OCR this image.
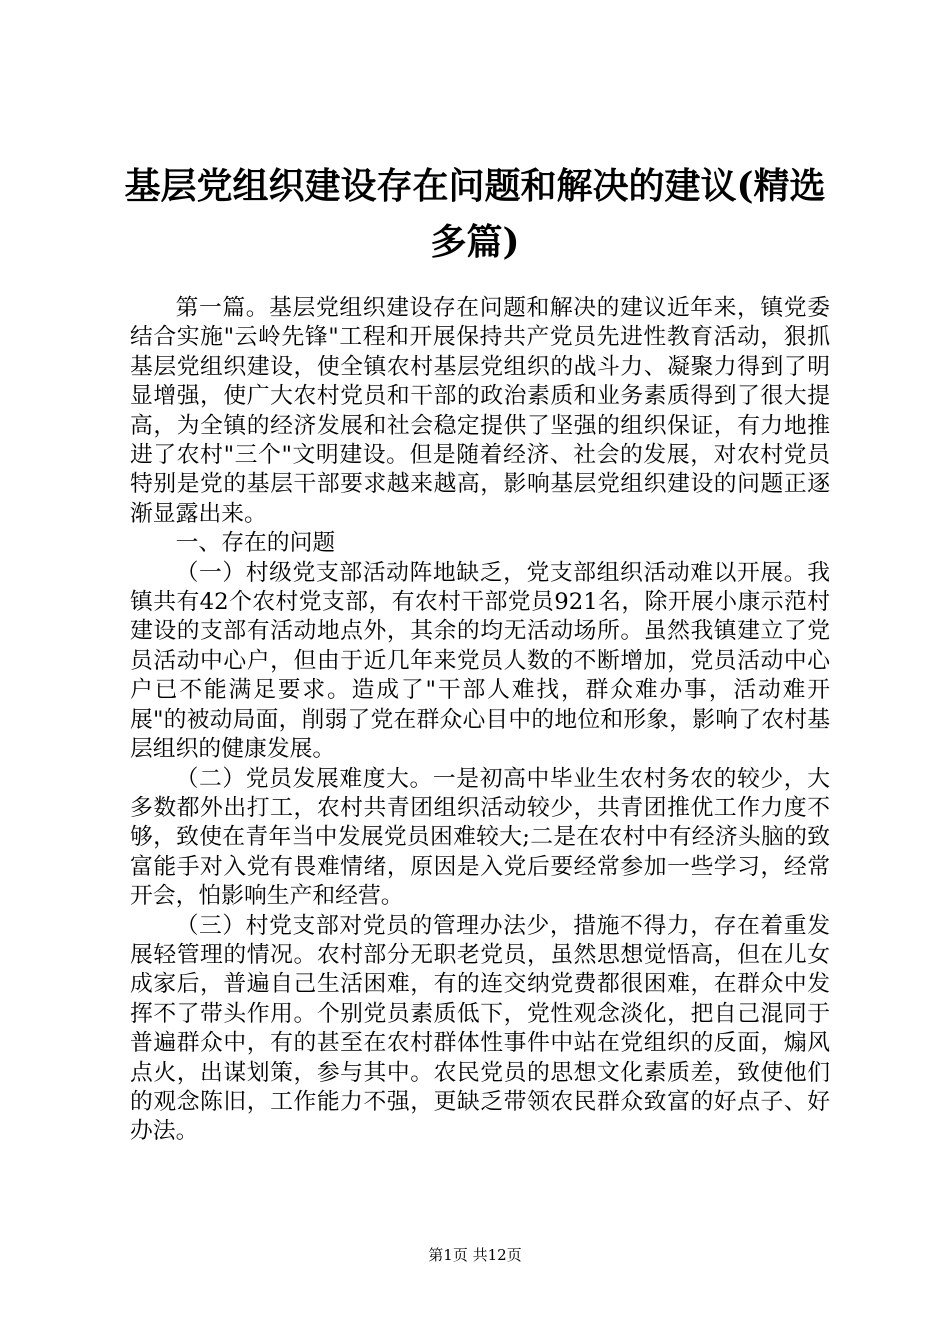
基层党组织建设存在问题和解决的建议(精选多篇)

第一篇。基层党组织建设存在问题和解决的建议近年来，镇党委结合实施"云岭先锋"工程和开展保持共产党员先进性教育活动，狠抓基层党组织建设，使全镇农村基层党组织的战斗力、凝聚力得到了明显增强，使广大农村党员和干部的政治素质和业务素质得到了很大提高，为全镇的经济发展和社会稳定提供了坚强的组织保证，有力地推进了农村"三个"文明建设。但是随着经济、社会的发展，对农村党员特别是党的基层干部要求越来越高，影响基层党组织建设的问题正逐渐显露出来。

一、存在的问题

（一）村级党支部活动阵地缺乏，党支部组织活动难以开展。我镇共有42个农村党支部，有农村干部党员921名，除开展小康示范村建设的支部有活动地点外，其余的均无活动场所。虽然我镇建立了党员活动中心户，但由于近几年来党员人数的不断增加，党员活动中心户已不能满足要求。造成了"干部人难找，群众难办事，活动难开展"的被动局面，削弱了党在群众心目中的地位和形象，影响了农村基层组织的健康发展。

（二）党员发展难度大。一是初高中毕业生农村务农的较少，大多数都外出打工，农村共青团组织活动较少，共青团推优工作力度不够，致使在青年当中发展党员困难较大;二是在农村中有经济头脑的致富能手对入党有畏难情绪，原因是入党后要经常参加一些学习，经常开会，怕影响生产和经营。

（三）村党支部对党员的管理办法少，措施不得力，存在着重发展轻管理的情况。农村部分无职老党员，虽然思想觉悟高，但在儿女成家后，普遍自己生活困难，有的连交纳党费都很困难，在群众中发挥不了带头作用。个别党员素质低下，党性观念淡化，把自己混同于普遍群众中，有的甚至在农村群体性事件中站在党组织的反面，煽风点火，出谋划策，参与其中。农民党员的思想文化素质差，致使他们的观念陈旧，工作能力不强，更缺乏带领农民群众致富的好点子、好办法。

第1页 共12页
